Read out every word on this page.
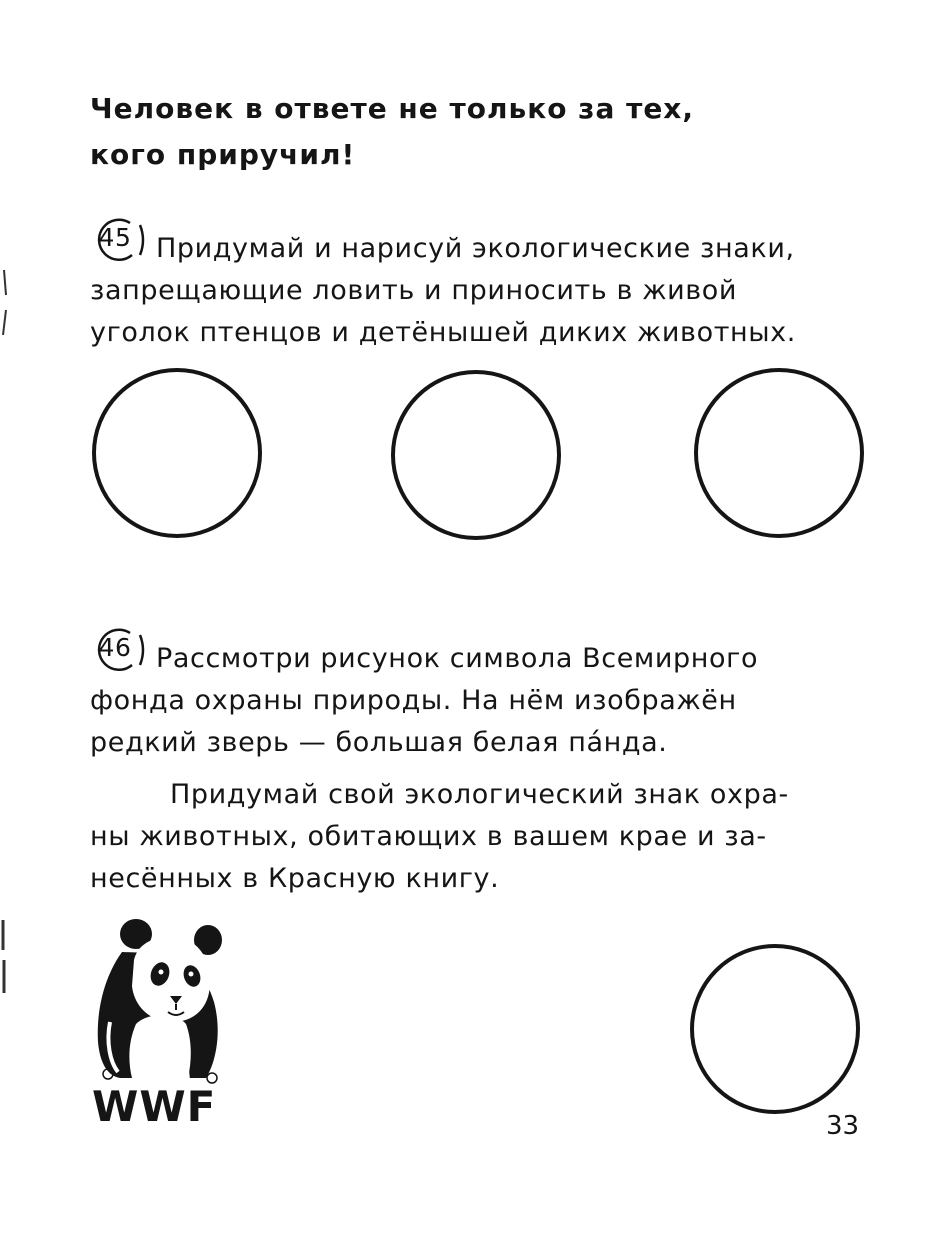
Человек в ответе не только за тех,
кого приручил!

45 Придумай и нарисуй экологические знаки,

запрещающие ловить и приносить в живой

уголок птенцов и детёнышей диких животных.

46 Рассмотри рисунок символа Всемирного

фонда охраны природы. На нём изображён

редкий зверь — большая белая па́нда.

Придумай свой экологический знак охра-

ны животных, обитающих в вашем крае и за-

несённых в Красную книгу.

WWF	33
